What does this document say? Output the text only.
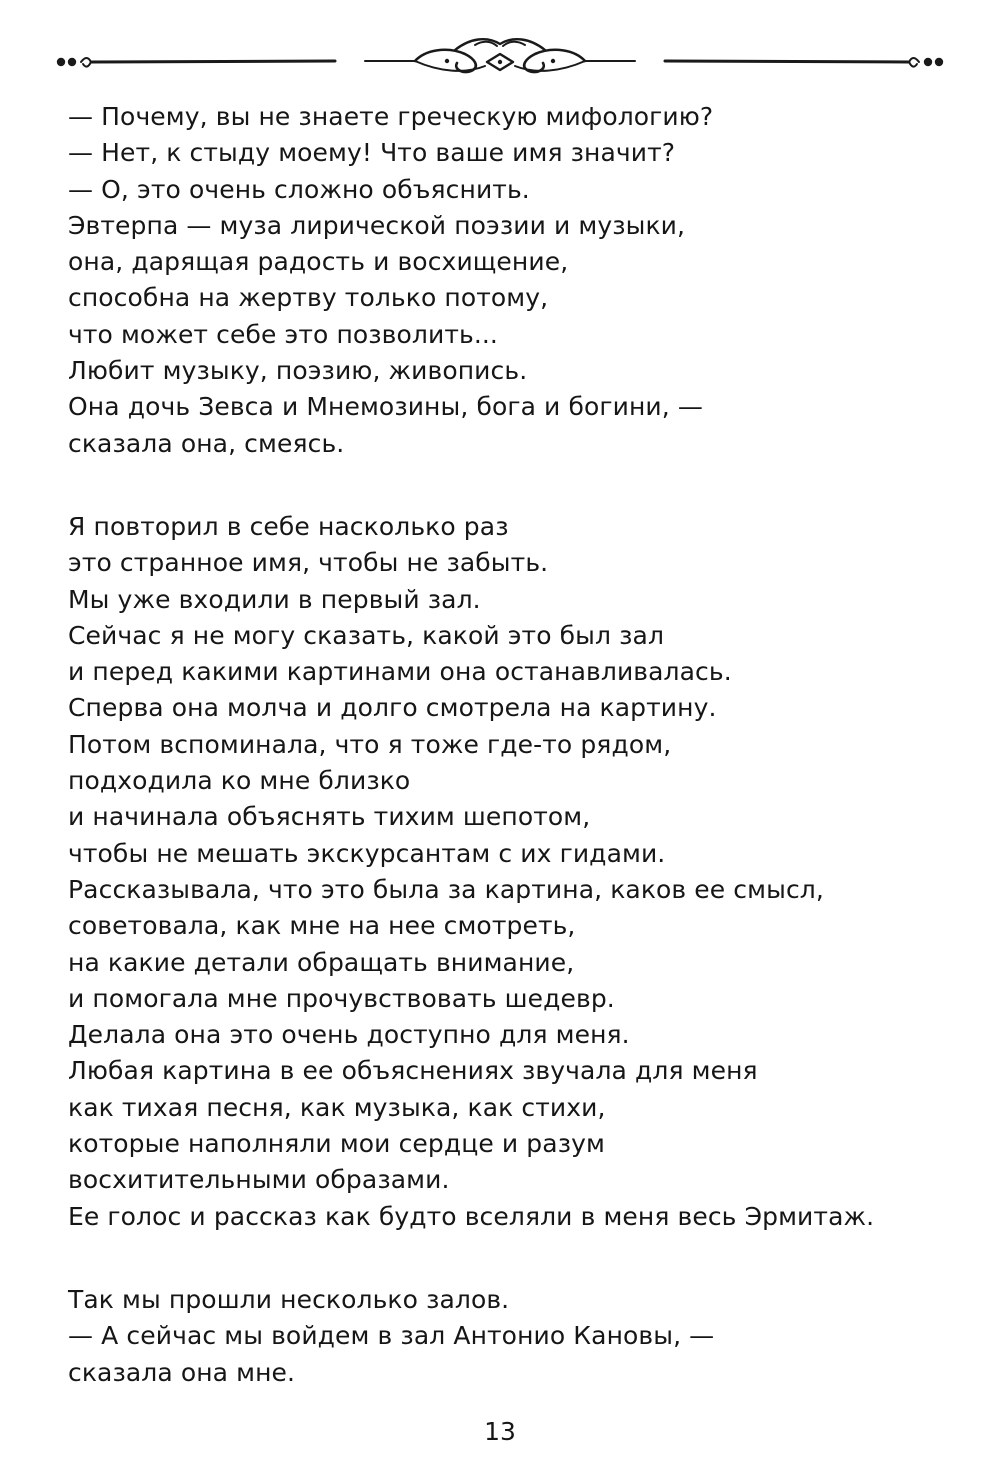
— Почему, вы не знаете греческую мифологию?
— Нет, к стыду моему! Что ваше имя значит?
— О, это очень сложно объяснить.
Эвтерпа — муза лирической поэзии и музыки,
она, дарящая радость и восхищение,
способна на жертву только потому,
что может себе это позволить...
Любит музыку, поэзию, живопись.
Она дочь Зевса и Мнемозины, бога и богини, —
сказала она, смеясь.
Я повторил в себе насколько раз
это странное имя, чтобы не забыть.
Мы уже входили в первый зал.
Сейчас я не могу сказать, какой это был зал
и перед какими картинами она останавливалась.
Сперва она молча и долго смотрела на картину.
Потом вспоминала, что я тоже где-то рядом,
подходила ко мне близко
и начинала объяснять тихим шепотом,
чтобы не мешать экскурсантам с их гидами.
Рассказывала, что это была за картина, каков ее смысл,
советовала, как мне на нее смотреть,
на какие детали обращать внимание,
и помогала мне прочувствовать шедевр.
Делала она это очень доступно для меня.
Любая картина в ее объяснениях звучала для меня
как тихая песня, как музыка, как стихи,
которые наполняли мои сердце и разум
восхитительными образами.
Ее голос и рассказ как будто вселяли в меня весь Эрмитаж.
Так мы прошли несколько залов.
— А сейчас мы войдем в зал Антонио Кановы, —
сказала она мне.
13
